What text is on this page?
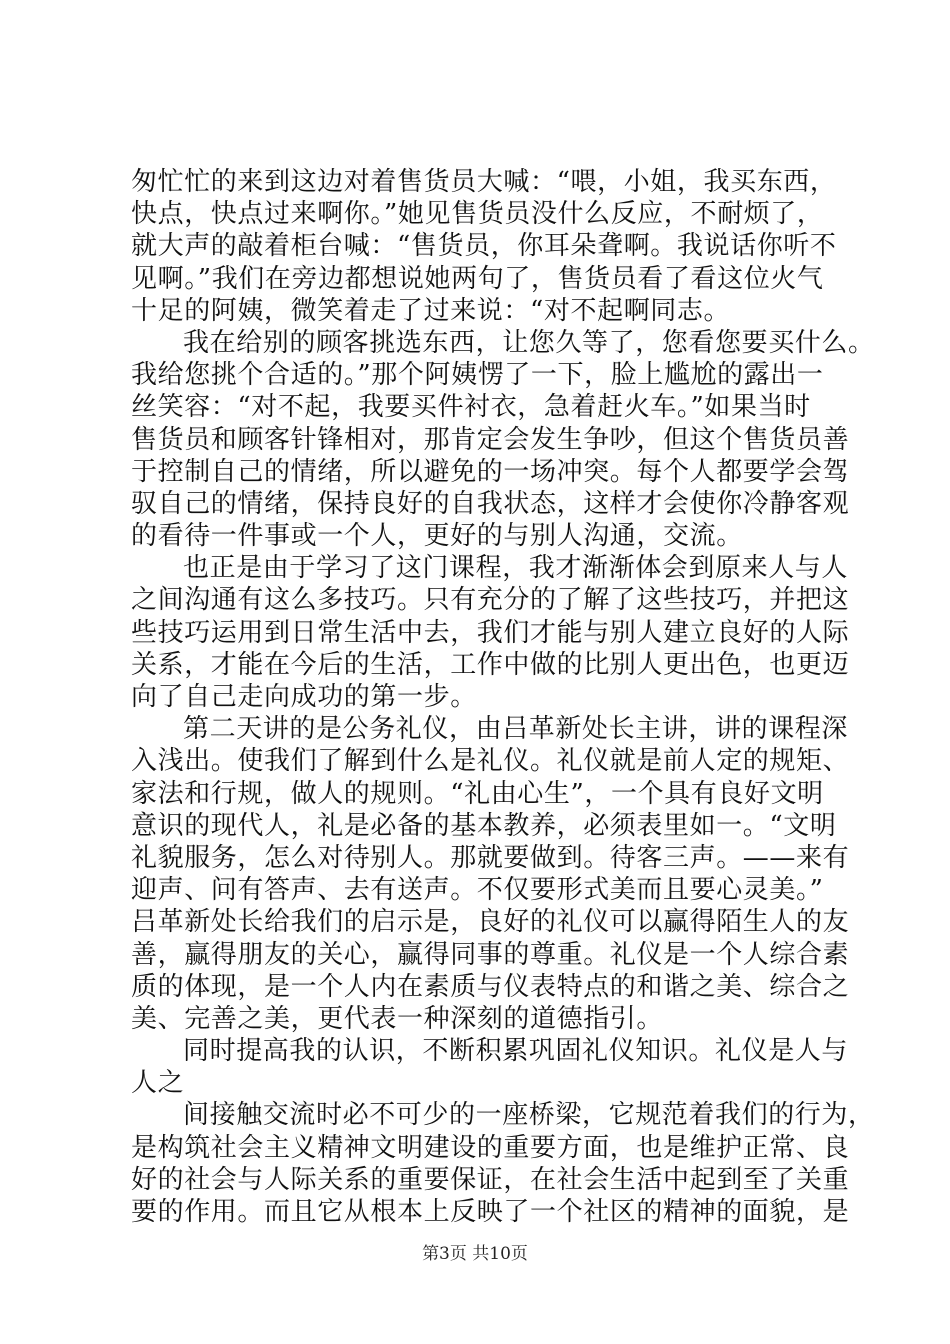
匆忙忙的来到这边对着售货员大喊：“喂，小姐，我买东西，
快点，快点过来啊你。”她见售货员没什么反应，不耐烦了，
就大声的敲着柜台喊：“售货员，你耳朵聋啊。我说话你听不
见啊。”我们在旁边都想说她两句了，售货员看了看这位火气
十足的阿姨，微笑着走了过来说：“对不起啊同志。
我在给别的顾客挑选东西，让您久等了，您看您要买什么。
我给您挑个合适的。”那个阿姨愣了一下，脸上尴尬的露出一
丝笑容：“对不起，我要买件衬衣，急着赶火车。”如果当时
售货员和顾客针锋相对，那肯定会发生争吵，但这个售货员善
于控制自己的情绪，所以避免的一场冲突。每个人都要学会驾
驭自己的情绪，保持良好的自我状态，这样才会使你冷静客观
的看待一件事或一个人，更好的与别人沟通，交流。
也正是由于学习了这门课程，我才渐渐体会到原来人与人
之间沟通有这么多技巧。只有充分的了解了这些技巧，并把这
些技巧运用到日常生活中去，我们才能与别人建立良好的人际
关系，才能在今后的生活，工作中做的比别人更出色，也更迈
向了自己走向成功的第一步。
第二天讲的是公务礼仪，由吕革新处长主讲，讲的课程深
入浅出。使我们了解到什么是礼仪。礼仪就是前人定的规矩、
家法和行规，做人的规则。“礼由心生”，一个具有良好文明
意识的现代人，礼是必备的基本教养，必须表里如一。“文明
礼貌服务，怎么对待别人。那就要做到。待客三声。——来有
迎声、问有答声、去有送声。不仅要形式美而且要心灵美。”
吕革新处长给我们的启示是，良好的礼仪可以赢得陌生人的友
善，赢得朋友的关心，赢得同事的尊重。礼仪是一个人综合素
质的体现，是一个人内在素质与仪表特点的和谐之美、综合之
美、完善之美，更代表一种深刻的道德指引。
同时提高我的认识，不断积累巩固礼仪知识。礼仪是人与
人之
间接触交流时必不可少的一座桥梁，它规范着我们的行为，
是构筑社会主义精神文明建设的重要方面，也是维护正常、良
好的社会与人际关系的重要保证，在社会生活中起到至了关重
要的作用。而且它从根本上反映了一个社区的精神的面貌，是
第3页 共10页
